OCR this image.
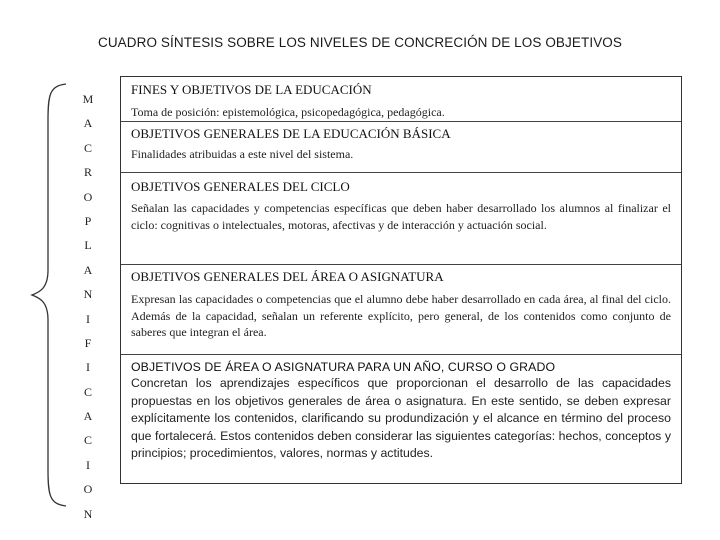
CUADRO SÍNTESIS SOBRE LOS NIVELES DE CONCRECIÓN DE LOS OBJETIVOS
M
A
C
R
O
P
L
A
N
I
F
I
C
A
C
I
O
N
FINES Y OBJETIVOS DE LA EDUCACIÓN
Toma de posición: epistemológica, psicopedagógica, pedagógica.
OBJETIVOS GENERALES DE LA EDUCACIÓN BÁSICA
Finalidades atribuidas a este nivel del sistema.
OBJETIVOS GENERALES DEL CICLO
Señalan las capacidades y competencias específicas que deben haber desarrollado los alumnos al finalizar el ciclo: cognitivas o intelectuales, motoras, afectivas y de interacción y actuación social.
OBJETIVOS GENERALES DEL ÁREA O ASIGNATURA
Expresan las capacidades o competencias que el alumno debe haber desarrollado en cada área, al final del ciclo. Además de la capacidad, señalan un referente explícito, pero general, de los contenidos como conjunto de saberes que integran el área.
OBJETIVOS DE ÁREA O ASIGNATURA PARA UN AÑO, CURSO O GRADO
Concretan los aprendizajes específicos que proporcionan el desarrollo de las capacidades propuestas en los objetivos generales de área o asignatura. En este sentido, se deben expresar explícitamente los contenidos, clarificando su produndización y el alcance en término del proceso que fortalecerá. Estos contenidos deben considerar las siguientes categorías: hechos, conceptos y principios; procedimientos, valores, normas y actitudes.
